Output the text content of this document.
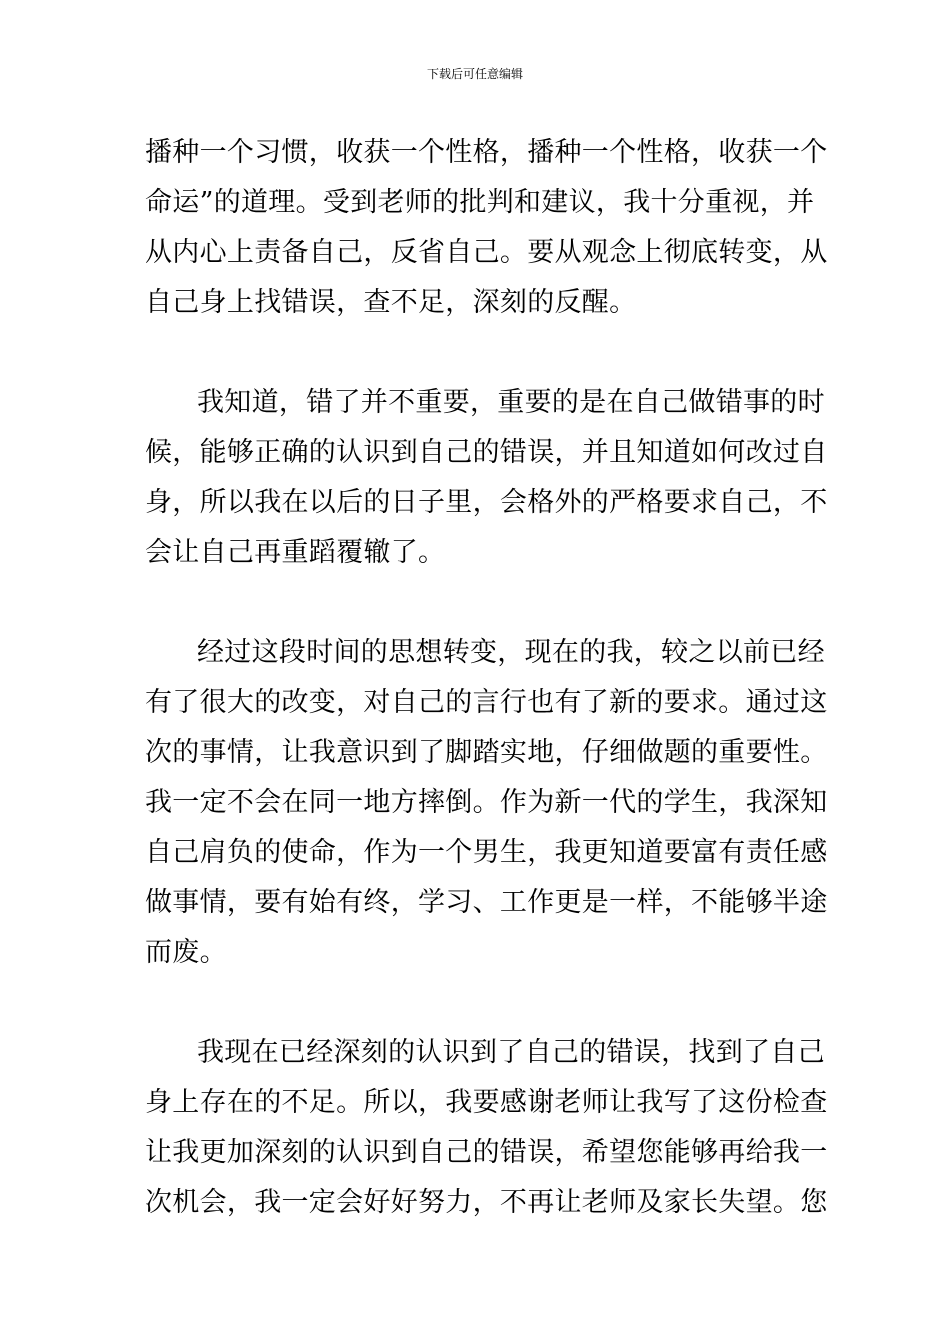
下载后可任意编辑

播种一个习惯，收获一个性格，播种一个性格，收获一个
命运”的道理。受到老师的批判和建议，我十分重视，并
从内心上责备自己，反省自己。要从观念上彻底转变，从
自己身上找错误，查不足，深刻的反醒。

我知道，错了并不重要，重要的是在自己做错事的时
候，能够正确的认识到自己的错误，并且知道如何改过自
身，所以我在以后的日子里，会格外的严格要求自己，不
会让自己再重蹈覆辙了。

经过这段时间的思想转变，现在的我，较之以前已经
有了很大的改变，对自己的言行也有了新的要求。通过这
次的事情，让我意识到了脚踏实地，仔细做题的重要性。
我一定不会在同一地方摔倒。作为新一代的学生，我深知
自己肩负的使命，作为一个男生，我更知道要富有责任感
做事情，要有始有终，学习、工作更是一样，不能够半途
而废。

我现在已经深刻的认识到了自己的错误，找到了自己
身上存在的不足。所以，我要感谢老师让我写了这份检查
让我更加深刻的认识到自己的错误，希望您能够再给我一
次机会，我一定会好好努力，不再让老师及家长失望。您
